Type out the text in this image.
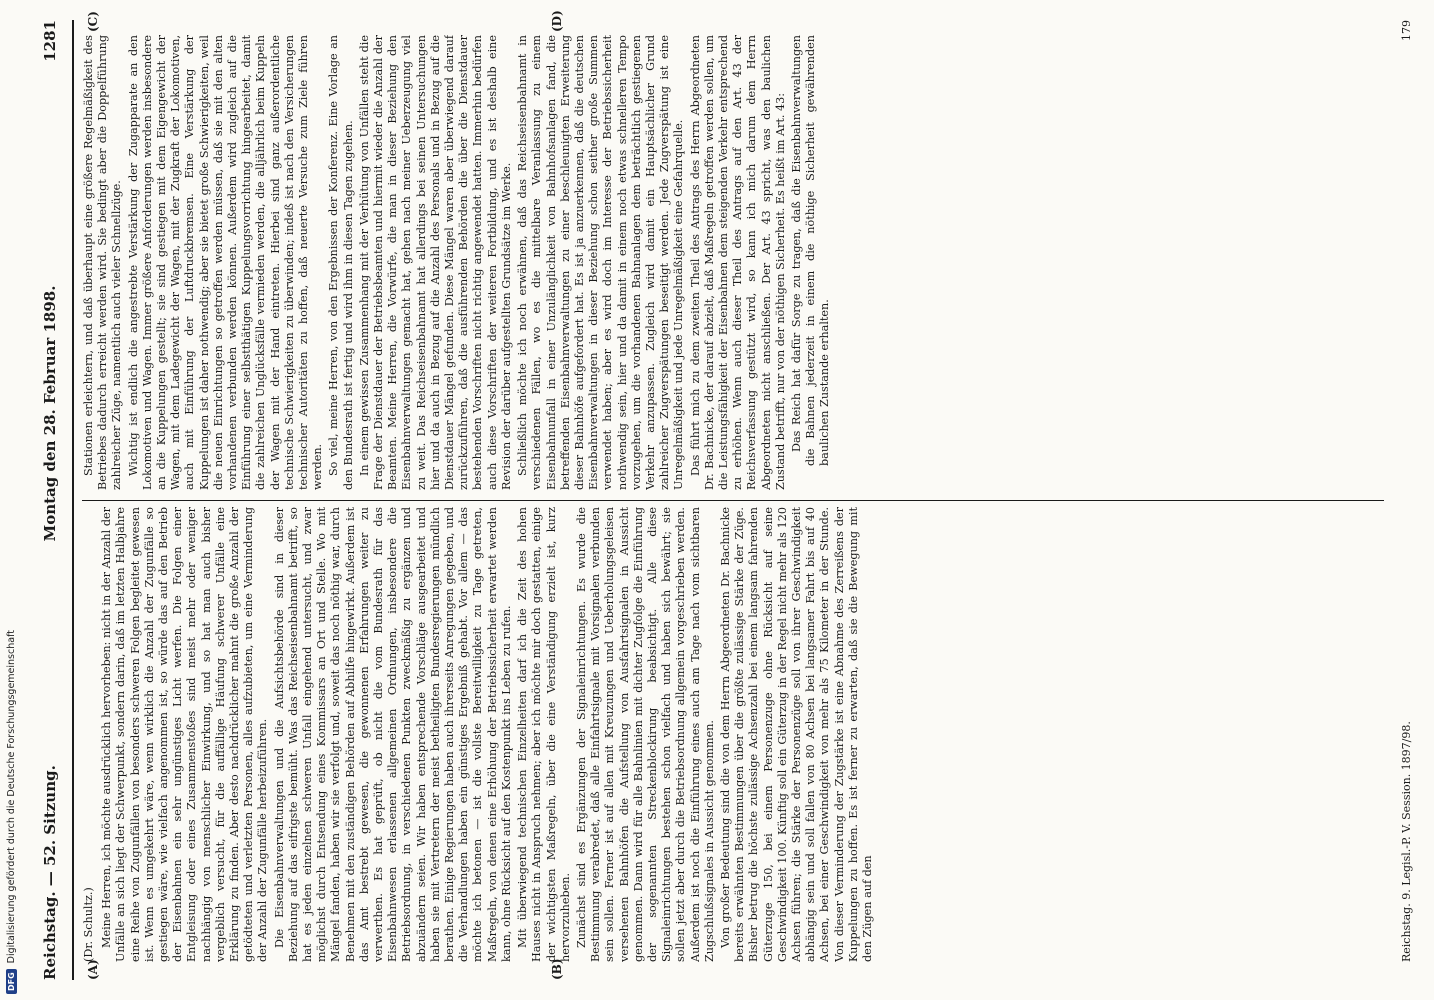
DFG
Digitalisierung gefördert durch die Deutsche Forschungsgemeinschaft Reichstag. — 52. Sitzung.
Montag den 28. Februar 1898.
1281
(A)	(B)
(C)	(D)

(Dr. Schultz.) Meine Herren, ich möchte ausdrücklich hervorheben: nicht in der Anzahl der Unfälle an sich liegt der Schwerpunkt, sondern darin, daß im letzten Halbjahre eine Reihe von Zugunfällen von besonders schweren Folgen begleitet gewesen ist. Wenn es umgekehrt wäre, wenn wirklich die Anzahl der Zugunfälle so gestiegen wäre, wie vielfach angenommen ist, so würde das auf den Betrieb der Eisenbahnen ein sehr ungünstiges Licht werfen. Die Folgen einer Entgleisung oder eines Zusammenstoßes sind meist mehr oder weniger nachhängig von menschlicher Einwirkung, und so hat man auch bisher vergeblich versucht, für die auffällige Häufung schwerer Unfälle eine Erklärung zu finden. Aber desto nachdrücklicher mahnt die große Anzahl der getödteten und verletzten Personen, alles aufzubieten, um eine Verminderung der Anzahl der Zugunfälle herbeizuführen. Die Eisenbahnverwaltungen und die Aufsichtsbehörde sind in dieser Beziehung auf das eifrigste bemüht. Was das Reichseisenbahnamt betrifft, so hat es jeden einzelnen schweren Unfall eingehend untersucht, und zwar möglichst durch Entsendung eines Kommissars an Ort und Stelle. Wo mit Mängel fanden, haben wir sie verfolgt und, soweit das noch nöthig war, durch Benehmen mit den zuständigen Behörden auf Abhilfe hingewirkt. Außerdem ist das Amt bestrebt gewesen, die gewonnenen Erfahrungen weiter zu verwerthen. Es hat geprüft, ob nicht die vom Bundesrath für das Eisenbahnwesen erlassenen allgemeinen Ordnungen, insbesondere die Betriebsordnung, in verschiedenen Punkten zweckmäßig zu ergänzen und abzuändern seien. Wir haben entsprechende Vorschläge ausgearbeitet und haben sie mit Vertretern der meist betheiligten Bundesregierungen mündlich berathen. Einige Regierungen haben auch ihrerseits Anregungen gegeben, und die Verhandlungen haben ein günstiges Ergebniß gehabt. Vor allem — das möchte ich betonen — ist die vollste Bereitwilligkeit zu Tage getreten, Maßregeln, von denen eine Erhöhung der Betriebssicherheit erwartet werden kann, ohne Rücksicht auf den Kostenpunkt ins Leben zu rufen. Mit überwiegend technischen Einzelheiten darf ich die Zeit des hohen Hauses nicht in Anspruch nehmen; aber ich möchte mir doch gestatten, einige der wichtigsten Maßregeln, über die eine Verständigung erzielt ist, kurz hervorzuheben. Zunächst sind es Ergänzungen der Signaleinrichtungen. Es wurde die Bestimmung verabredet, daß alle Einfahrtsignale mit Vorsignalen verbunden sein sollen. Ferner ist auf allen mit Kreuzungen und Ueberholungsgeleisen versehenen Bahnhöfen die Aufstellung von Ausfahrtsignalen in Aussicht genommen. Dann wird für alle Bahnlinien mit dichter Zugfolge die Einführung der sogenannten Streckenblockirung beabsichtigt. Alle diese Signaleinrichtungen bestehen schon vielfach und haben sich bewährt; sie sollen jetzt aber durch die Betriebsordnung allgemein vorgeschrieben werden. Außerdem ist noch die Einführung eines auch am Tage nach vom sichtbaren Zugschlußsignales in Aussicht genommen. Von großer Bedeutung sind die von dem Herrn Abgeordneten Dr. Bachnicke bereits erwähnten Bestimmungen über die größte zulässige Stärke der Züge. Bisher betrug die höchste zulässige Achsenzahl bei einem langsam fahrenden Güterzuge 150, bei einem Personenzuge ohne Rücksicht auf seine Geschwindigkeit 100. Künftig soll ein Güterzug in der Regel nicht mehr als 120 Achsen führen; die Stärke der Personenzüge soll von ihrer Geschwindigkeit abhängig sein und soll fallen von 80 Achsen bei langsamer Fahrt bis auf 40 Achsen, bei einer Geschwindigkeit von mehr als 75 Kilometer in der Stunde. Von dieser Verminderung der Zugstärke ist eine Abnahme des Zerreißens der Kuppelungen zu hoffen. Es ist ferner zu erwarten, daß sie die Bewegung mit den Zügen auf den

Stationen erleichtern, und daß überhaupt eine größere Regelmäßigkeit des Betriebes dadurch erreicht werden wird. Sie bedingt aber die Doppelführung zahlreicher Züge, namentlich auch vieler Schnellzüge. Wichtig ist endlich die angestrebte Verstärkung der Zugapparate an den Lokomotiven und Wagen. Immer größere Anforderungen werden insbesondere an die Kuppelungen gestellt; sie sind gestiegen mit dem Eigengewicht der Wagen, mit dem Ladegewicht der Wagen, mit der Zugkraft der Lokomotiven, auch mit Einführung der Luftdruckbremsen. Eine Verstärkung der Kuppelungen ist daher nothwendig; aber sie bietet große Schwierigkeiten, weil die neuen Einrichtungen so getroffen werden müssen, daß sie mit den alten vorhandenen verbunden werden können. Außerdem wird zugleich auf die Einführung einer selbstthätigen Kuppelungsvorrichtung hingearbeitet, damit die zahlreichen Unglücksfälle vermieden werden, die alljährlich beim Kuppeln der Wagen mit der Hand eintreten. Hierbei sind ganz außerordentliche technische Schwierigkeiten zu überwinden; indeß ist nach den Versicherungen technischer Autoritäten zu hoffen, daß neuerte Versuche zum Ziele führen werden. So viel, meine Herren, von den Ergebnissen der Konferenz. Eine Vorlage an den Bundesrath ist fertig und wird ihm in diesen Tagen zugehen. In einem gewissen Zusammenhang mit der Verhütung von Unfällen steht die Frage der Dienstdauer der Betriebsbeamten und hiermit wieder die Anzahl der Beamten. Meine Herren, die Vorwürfe, die man in dieser Beziehung den Eisenbahnverwaltungen gemacht hat, gehen nach meiner Ueberzeugung viel zu weit. Das Reichseisenbahnamt hat allerdings bei seinen Untersuchungen hier und da auch in Bezug auf die Anzahl des Personals und in Bezug auf die Dienstdauer Mängel gefunden. Diese Mängel waren aber überwiegend darauf zurückzuführen, daß die ausführenden Behörden die über die Dienstdauer bestehenden Vorschriften nicht richtig angewendet hatten. Immerhin bedürfen auch diese Vorschriften der weiteren Fortbildung, und es ist deshalb eine Revision der darüber aufgestellten Grundsätze im Werke. Schließlich möchte ich noch erwähnen, daß das Reichseisenbahnamt in verschiedenen Fällen, wo es die mittelbare Veranlassung zu einem Eisenbahnunfall in einer Unzulänglichkeit von Bahnhofsanlagen fand, die betreffenden Eisenbahnverwaltungen zu einer beschleunigten Erweiterung dieser Bahnhöfe aufgefordert hat. Es ist ja anzuerkennen, daß die deutschen Eisenbahnverwaltungen in dieser Beziehung schon seither große Summen verwendet haben; aber es wird doch im Interesse der Betriebssicherheit nothwendig sein, hier und da damit in einem noch etwas schnelleren Tempo vorzugehen, um die vorhandenen Bahnanlagen dem beträchtlich gestiegenen Verkehr anzupassen. Zugleich wird damit ein Hauptsächlicher Grund zahlreicher Zugverspätungen beseitigt werden. Jede Zugverspätung ist eine Unregelmäßigkeit und jede Unregelmäßigkeit eine Gefahrquelle. Das führt mich zu dem zweiten Theil des Antrags des Herrn Abgeordneten Dr. Bachnicke, der darauf abzielt, daß Maßregeln getroffen werden sollen, um die Leistungsfähigkeit der Eisenbahnen dem steigenden Verkehr entsprechend zu erhöhen. Wenn auch dieser Theil des Antrags auf den Art. 43 der Reichsverfassung gestützt wird, so kann ich mich darum dem Herrn Abgeordneten nicht anschließen. Der Art. 43 spricht, was den baulichen Zustand betrifft, nur von der nöthigen Sicherheit. Es heißt im Art. 43: Das Reich hat dafür Sorge zu tragen, daß die Eisenbahnverwaltungen die Bahnen jederzeit in einem die nöthige Sicherheit gewährenden baulichen Zustande erhalten.

Reichstag. 9. Legisl.-P. V. Session. 1897/98.
179
